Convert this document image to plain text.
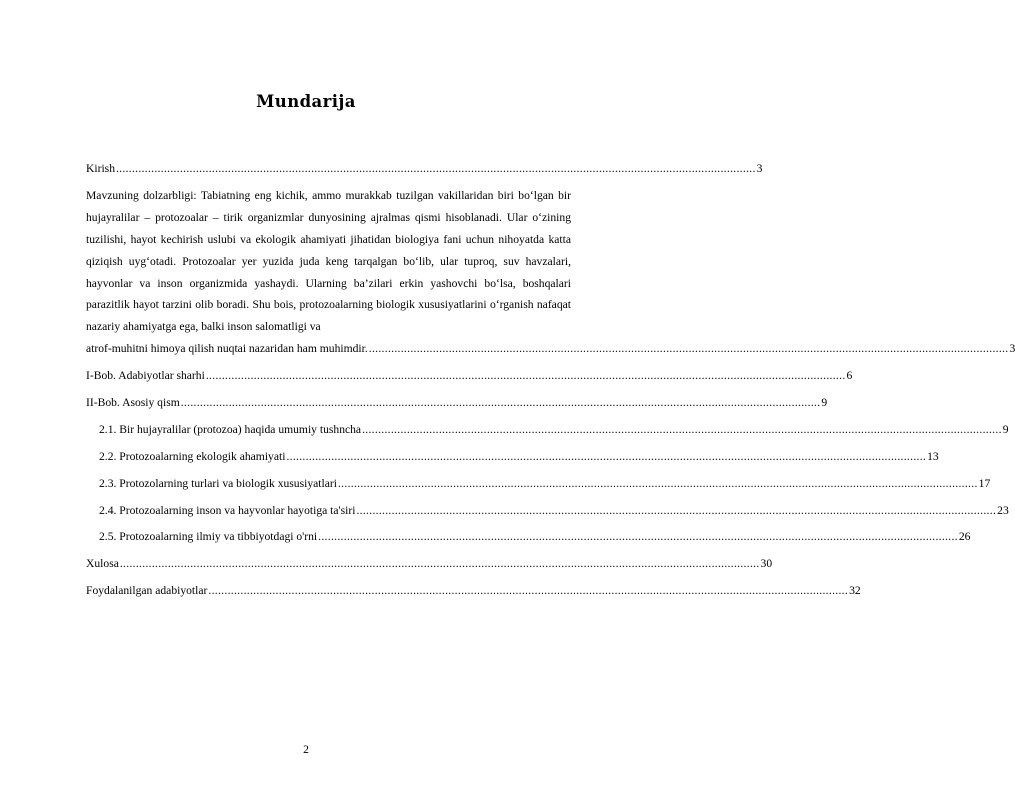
Mundarija
Kirish ........................................................................................................................................................................................................ 3
Mavzuning dolzarbligi: Tabiatning eng kichik, ammo murakkab tuzilgan vakillaridan biri bo‘lgan bir hujayralilar – protozoalar – tirik organizmlar dunyosining ajralmas qismi hisoblanadi. Ular o‘zining tuzilishi, hayot kechirish uslubi va ekologik ahamiyati jihatidan biologiya fani uchun nihoyatda katta qiziqish uyg‘otadi. Protozoalar yer yuzida juda keng tarqalgan bo‘lib, ular tuproq, suv havzalari, hayvonlar va inson organizmida yashaydi. Ularning ba’zilari erkin yashovchi bo‘lsa, boshqalari parazitlik hayot tarzini olib boradi. Shu bois, protozoalarning biologik xususiyatlarini o‘rganish nafaqat nazariy ahamiyatga ega, balki inson salomatligi va
atrof-muhitni himoya qilish nuqtai nazaridan ham muhimdir. ........................................................................................................................................................................................................ 3
I-Bob. Adabiyotlar sharhi ........................................................................................................................................................................................................ 6
II-Bob. Asosiy qism ........................................................................................................................................................................................................ 9
2.1. Bir hujayralilar (protozoa) haqida umumiy tushncha ........................................................................................................................................................................................................ 9
2.2. Protozoalarning ekologik ahamiyati ........................................................................................................................................................................................................ 13
2.3. Protozolarning turlari va biologik xususiyatlari ........................................................................................................................................................................................................ 17
2.4. Protozoalarning inson va hayvonlar hayotiga ta'siri ........................................................................................................................................................................................................ 23
2.5. Protozoalarning ilmiy va tibbiyotdagi o'rni ........................................................................................................................................................................................................ 26
Xulosa ........................................................................................................................................................................................................ 30
Foydalanilgan adabiyotlar ........................................................................................................................................................................................................ 32
2
